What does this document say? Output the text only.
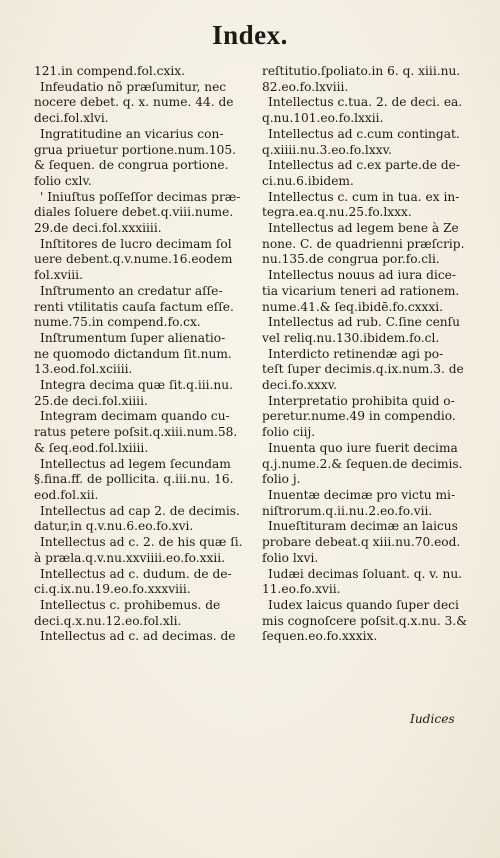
Index.
121.in compend.fol.cxix.
Infeudatio nõ præſumitur, nec
nocere debet. q. x. nume. 44. de
deci.fol.xlvi.
Ingratitudine an vicarius con-
grua priuetur portione.num.105.
& ſequen. de congrua portione.
folio cxlv.
' Iniuſtus poſſeſſor decimas præ-
diales ſoluere debet.q.viii.nume.
29.de deci.fol.xxxiiii.
Inſtitores de lucro decimam ſol
uere debent.q.v.nume.16.eodem
fol.xviii.
Inſtrumento an credatur aſſe-
renti vtilitatis cauſa factum eſſe.
nume.75.in compend.fo.cx.
Inſtrumentum ſuper alienatio-
ne quomodo dictandum ſit.num.
13.eod.fol.xciiii.
Integra decima quæ ſit.q.iii.nu.
25.de deci.fol.xiiii.
Integram decimam quando cu-
ratus petere poſsit.q.xiii.num.58.
& ſeq.eod.fol.lxiiii.
Intellectus ad legem ſecundam
§.fina.ff. de pollicita. q.iii.nu. 16.
eod.fol.xii.
Intellectus ad cap 2. de decimis.
datur,in q.v.nu.6.eo.fo.xvi.
Intellectus ad c. 2. de his quæ ſi.
à præla.q.v.nu.xxviiii.eo.fo.xxii.
Intellectus ad c. dudum. de de-
ci.q.ix.nu.19.eo.fo.xxxviii.
Intellectus c. prohibemus. de
deci.q.x.nu.12.eo.fol.xli.
Intellectus ad c. ad decimas. de
reſtitutio.ſpoliato.in 6. q. xiii.nu.
82.eo.fo.lxviii.
Intellectus c.tua. 2. de deci. ea.
q.nu.101.eo.fo.lxxii.
Intellectus ad c.cum contingat.
q.xiiii.nu.3.eo.fo.lxxv.
Intellectus ad c.ex parte.de de-
ci.nu.6.ibidem.
Intellectus c. cum in tua. ex in-
tegra.ea.q.nu.25.fo.lxxx.
Intellectus ad legem bene à Ze
none. C. de quadrienni præſcrip.
nu.135.de congrua por.fo.cli.
Intellectus nouus ad iura dice-
tia vicarium teneri ad rationem.
nume.41.& ſeq.ibidē.fo.cxxxi.
Intellectus ad rub. C.ſine cenſu
vel reliq.nu.130.ibidem.fo.cl.
Interdicto retinendæ agi po-
teſt ſuper decimis.q.ix.num.3. de
deci.fo.xxxv.
Interpretatio prohibita quid o-
peretur.nume.49 in compendio.
folio ciij.
Inuenta quo iure fuerit decima
q.j.nume.2.& ſequen.de decimis.
folio j.
Inuentæ decimæ pro victu mi-
niſtrorum.q.ii.nu.2.eo.fo.vii.
Inueſtituram decimæ an laicus
probare debeat.q xiii.nu.70.eod.
folio lxvi.
Iudæi decimas ſoluant. q. v. nu.
11.eo.fo.xvii.
Iudex laicus quando ſuper deci
mis cognoſcere poſsit.q.x.nu. 3.&
ſequen.eo.fo.xxxix.
Iudices
